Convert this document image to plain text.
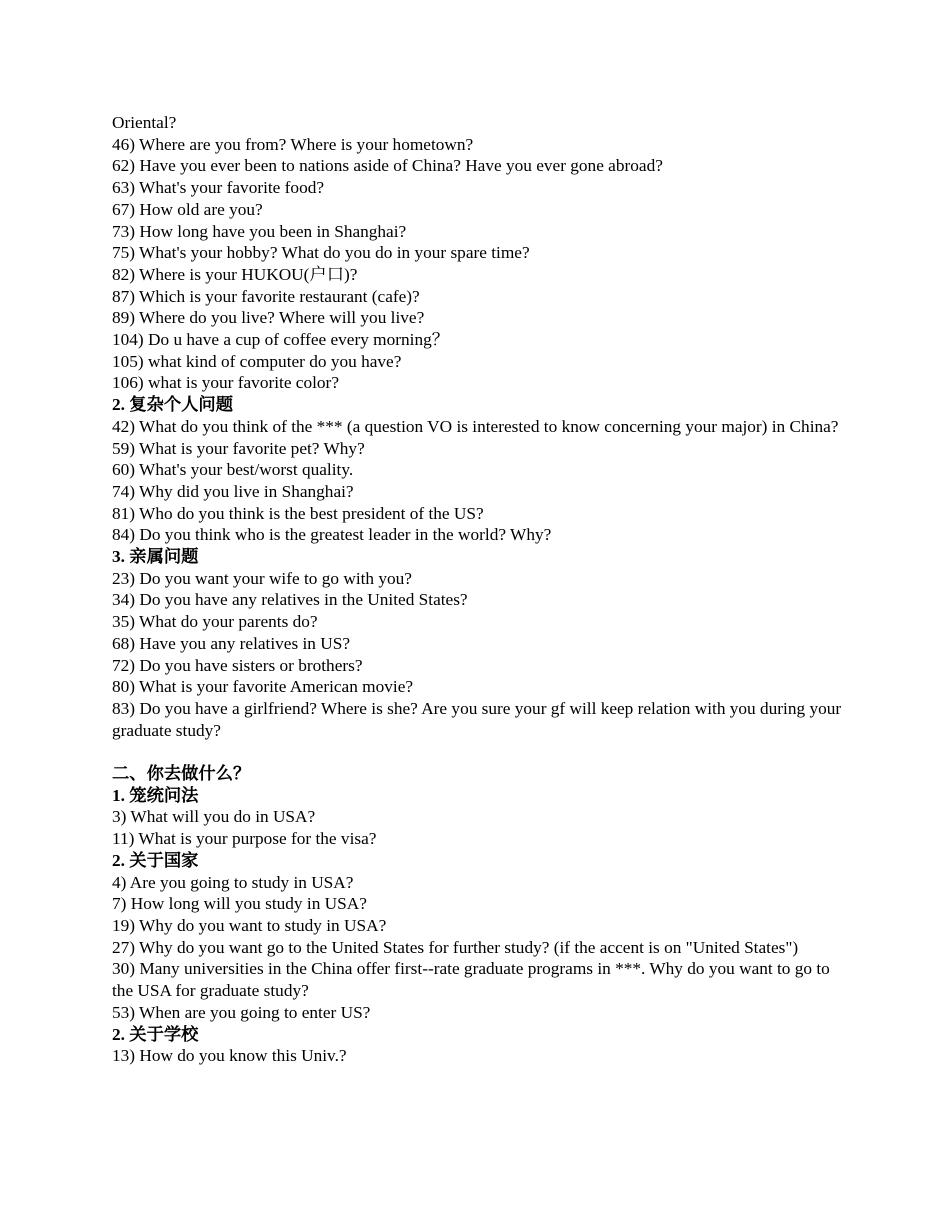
Oriental?

46) Where are you from? Where is your hometown?

62) Have you ever been to nations aside of China? Have you ever gone abroad?

63) What's your favorite food?

67) How old are you?

73) How long have you been in Shanghai?

75) What's your hobby? What do you do in your spare time?

82) Where is your HUKOU(户口)?

87) Which is your favorite restaurant (cafe)?

89) Where do you live? Where will you live?

104) Do u have a cup of coffee every morning？

105) what kind of computer do you have?

106) what is your favorite color?

2. 复杂个人问题

42) What do you think of the *** (a question VO is interested to know concerning your major) in China?

59) What is your favorite pet? Why?

60) What's your best/worst quality.

74) Why did you live in Shanghai?

81) Who do you think is the best president of the US?

84) Do you think who is the greatest leader in the world? Why?

3. 亲属问题

23) Do you want your wife to go with you?

34) Do you have any relatives in the United States?

35) What do your parents do?

68) Have you any relatives in US?

72) Do you have sisters or brothers?

80) What is your favorite American movie?

83) Do you have a girlfriend? Where is she? Are you sure your gf will keep relation with you during your graduate study?

二、你去做什么？

1. 笼统问法

3) What will you do in USA?

11) What is your purpose for the visa?

2. 关于国家

4) Are you going to study in USA?

7) How long will you study in USA?

19) Why do you want to study in USA?

27) Why do you want go to the United States for further study? (if the accent is on "United States")

30) Many universities in the China offer first--rate graduate programs in ***. Why do you want to go to the USA for graduate study?

53) When are you going to enter US?

2. 关于学校

13) How do you know this Univ.?
